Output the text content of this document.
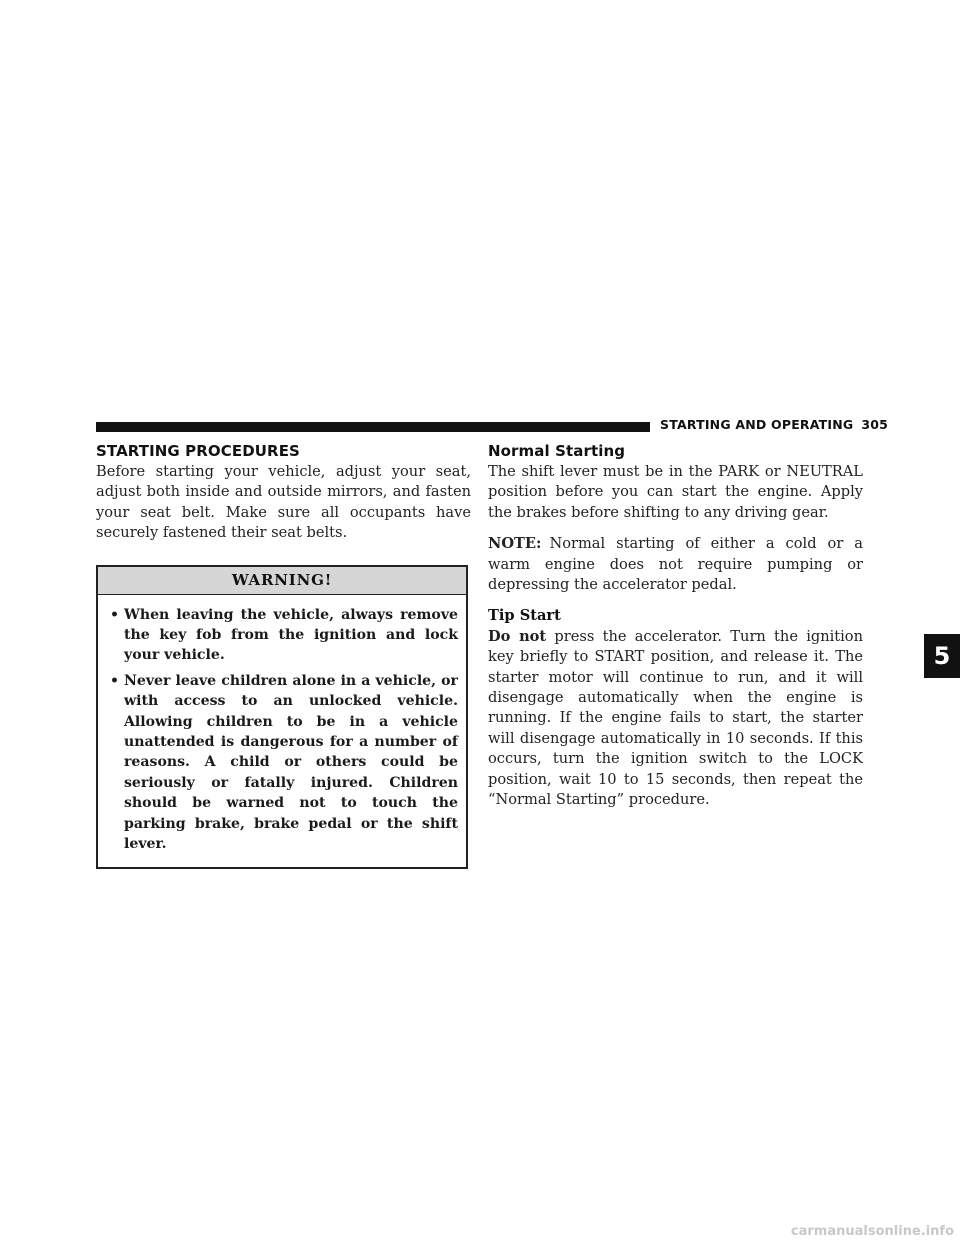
STARTING AND OPERATING 305
STARTING PROCEDURES

Before starting your vehicle, adjust your seat, adjust both inside and outside mirrors, and fasten your seat belt. Make sure all occupants have securely fastened their seat belts.

WARNING!
• When leaving the vehicle, always remove the key fob from the ignition and lock your vehicle.
• Never leave children alone in a vehicle, or with access to an unlocked vehicle. Allowing children to be in a vehicle unattended is dangerous for a number of reasons. A child or others could be seriously or fatally injured. Children should be warned not to touch the parking brake, brake pedal or the shift lever.
Normal Starting

The shift lever must be in the PARK or NEUTRAL position before you can start the engine. Apply the brakes before shifting to any driving gear.

NOTE: Normal starting of either a cold or a warm engine does not require pumping or depressing the accelerator pedal.

Tip Start

Do not press the accelerator. Turn the ignition key briefly to START position, and release it. The starter motor will continue to run, and it will disengage automatically when the engine is running. If the engine fails to start, the starter will disengage automatically in 10 seconds. If this occurs, turn the ignition switch to the LOCK position, wait 10 to 15 seconds, then repeat the “Normal Starting” procedure.

5
carmanualsonline.info
